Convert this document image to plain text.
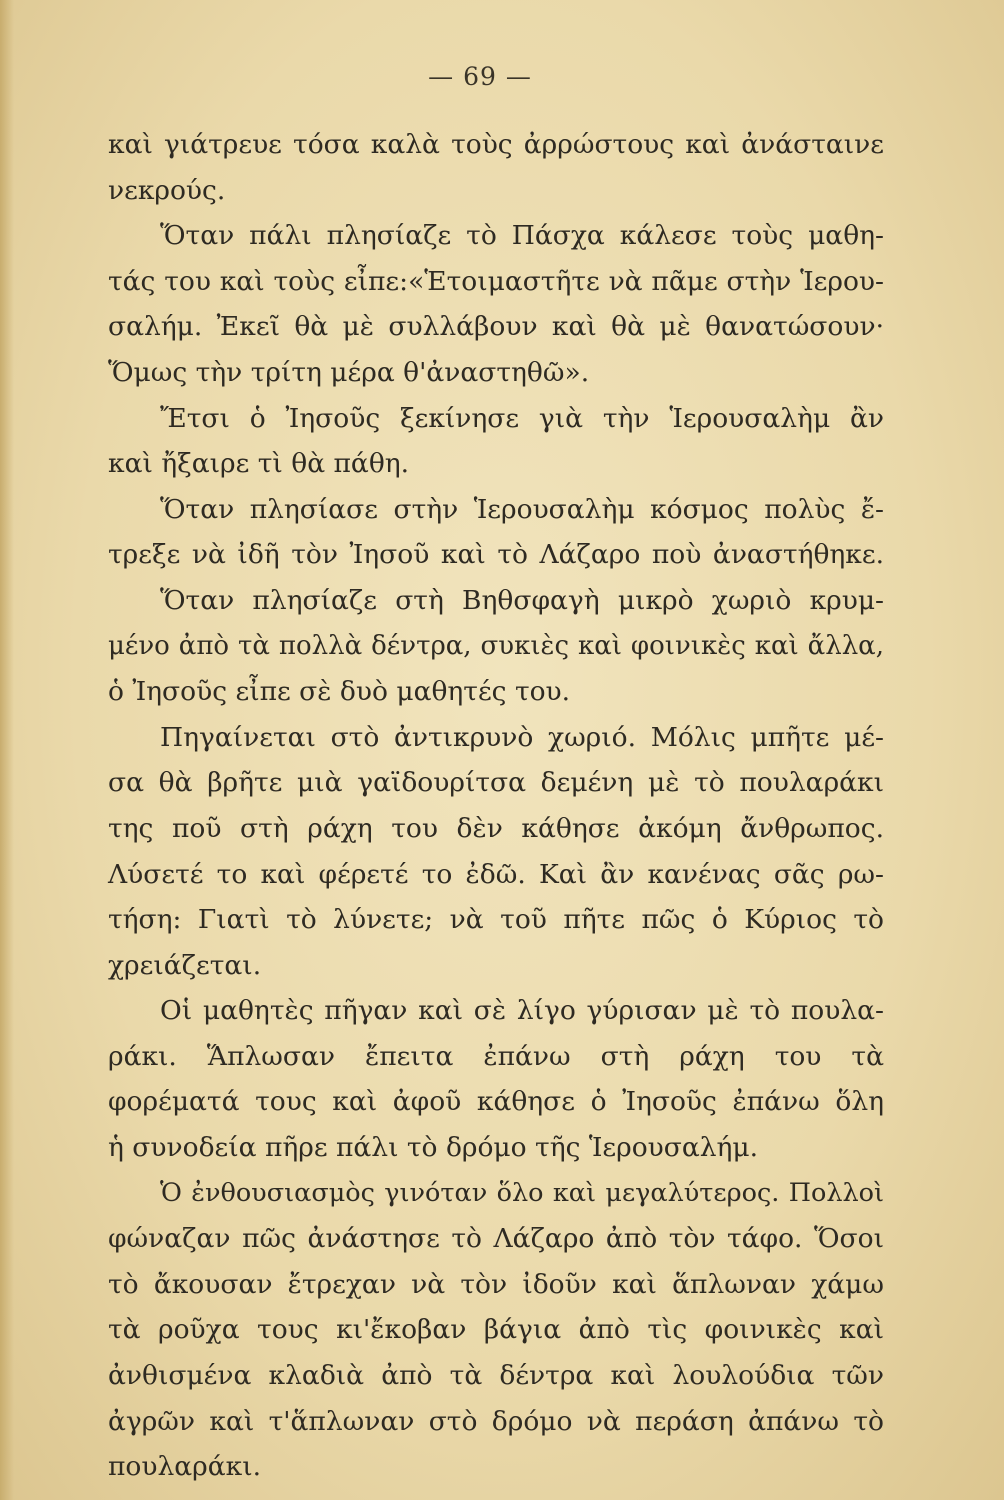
— 69 —
καὶ γιάτρευε τόσα καλὰ τοὺς ἀρρώστους καὶ ἀνάσταινε
νεκρούς.
Ὅταν πάλι πλησίαζε τὸ Πάσχα κάλεσε τοὺς μαθη-
τάς του καὶ τοὺς εἶπε:«Ἑτοιμαστῆτε νὰ πᾶμε στὴν Ἱερου-
σαλήμ. Ἐκεῖ θὰ μὲ συλλάβουν καὶ θὰ μὲ θανατώσουν·
Ὅμως τὴν τρίτη μέρα θ'ἀναστηθῶ».
Ἔτσι ὁ Ἰησοῦς ξεκίνησε γιὰ τὴν Ἱερουσαλὴμ ἂν
καὶ ἤξαιρε τὶ θὰ πάθη.
Ὅταν πλησίασε στὴν Ἱερουσαλὴμ κόσμος πολὺς ἔ-
τρεξε νὰ ἰδῆ τὸν Ἰησοῦ καὶ τὸ Λάζαρο ποὺ ἀναστήθηκε.
Ὅταν πλησίαζε στὴ Βηθσφαγὴ μικρὸ χωριὸ κρυμ-
μένο ἀπὸ τὰ πολλὰ δέντρα, συκιὲς καὶ φοινικὲς καὶ ἄλλα,
ὁ Ἰησοῦς εἶπε σὲ δυὸ μαθητές του.
Πηγαίνεται στὸ ἀντικρυνὸ χωριό. Μόλις μπῆτε μέ-
σα θὰ βρῆτε μιὰ γαϊδουρίτσα δεμένη μὲ τὸ πουλαράκι
της ποῦ στὴ ράχη του δὲν κάθησε ἀκόμη ἄνθρωπος.
Λύσετέ το καὶ φέρετέ το ἐδῶ. Καὶ ἂν κανένας σᾶς ρω-
τήση: Γιατὶ τὸ λύνετε; νὰ τοῦ πῆτε πῶς ὁ Κύριος τὸ
χρειάζεται.
Οἱ μαθητὲς πῆγαν καὶ σὲ λίγο γύρισαν μὲ τὸ πουλα-
ράκι. Ἅπλωσαν ἔπειτα ἐπάνω στὴ ράχη του τὰ
φορέματά τους καὶ ἀφοῦ κάθησε ὁ Ἰησοῦς ἐπάνω ὅλη
ἡ συνοδεία πῆρε πάλι τὸ δρόμο τῆς Ἱερουσαλήμ.
Ὁ ἐνθουσιασμὸς γινόταν ὅλο καὶ μεγαλύτερος. Πολλοὶ
φώναζαν πῶς ἀνάστησε τὸ Λάζαρο ἀπὸ τὸν τάφο. Ὅσοι
τὸ ἄκουσαν ἔτρεχαν νὰ τὸν ἰδοῦν καὶ ἅπλωναν χάμω
τὰ ροῦχα τους κι'ἔκοβαν βάγια ἀπὸ τὶς φοινικὲς καὶ
ἀνθισμένα κλαδιὰ ἀπὸ τὰ δέντρα καὶ λουλούδια τῶν
ἀγρῶν καὶ τ'ἅπλωναν στὸ δρόμο νὰ περάση ἀπάνω τὸ
πουλαράκι.
